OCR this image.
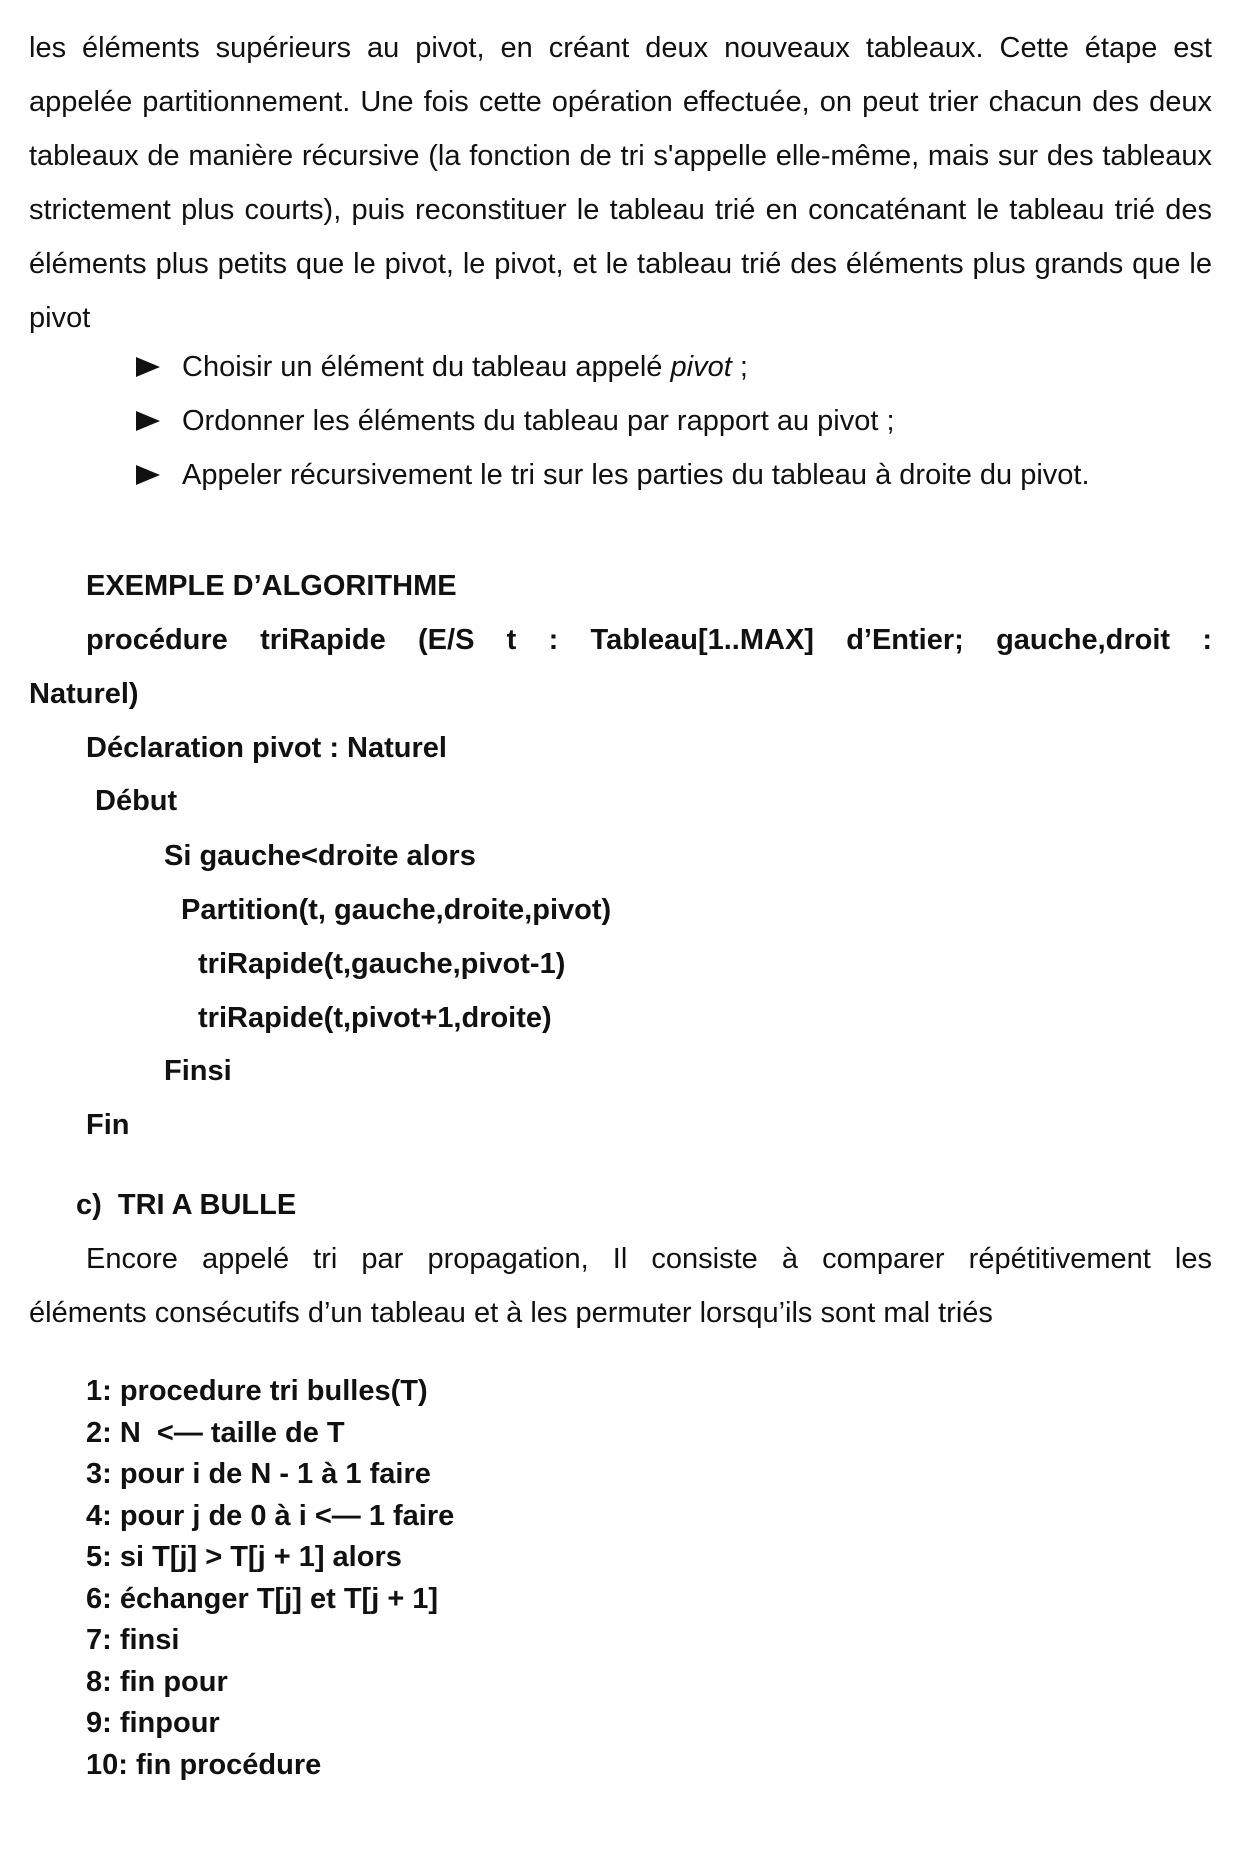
les éléments supérieurs au pivot, en créant deux nouveaux tableaux. Cette étape est appelée partitionnement. Une fois cette opération effectuée, on peut trier chacun des deux tableaux de manière récursive (la fonction de tri s'appelle elle-même, mais sur des tableaux strictement plus courts), puis reconstituer le tableau trié en concaténant le tableau trié des éléments plus petits que le pivot, le pivot, et le tableau trié des éléments plus grands que le pivot

Choisir un élément du tableau appelé pivot ;
Ordonner les éléments du tableau par rapport au pivot ;
Appeler récursivement le tri sur les parties du tableau à droite du pivot.
EXEMPLE D’ALGORITHME
procédure triRapide (E/S t : Tableau[1..MAX] d’Entier; gauche,droit :
Naturel)
Déclaration pivot : Naturel
Début
Si gauche<droite alors
Partition(t, gauche,droite,pivot)
triRapide(t,gauche,pivot-1)
triRapide(t,pivot+1,droite)
Finsi
Fin
c)  TRI A BULLE
Encore appelé tri par propagation, Il consiste à comparer répétitivement les
éléments consécutifs d’un tableau et à les permuter lorsqu’ils sont mal triés
1: procedure tri bulles(T)
2: N  <— taille de T
3: pour i de N - 1 à 1 faire
4: pour j de 0 à i <— 1 faire
5: si T[j] > T[j + 1] alors
6: échanger T[j] et T[j + 1]
7: finsi
8: fin pour
9: finpour
10: fin procédure
